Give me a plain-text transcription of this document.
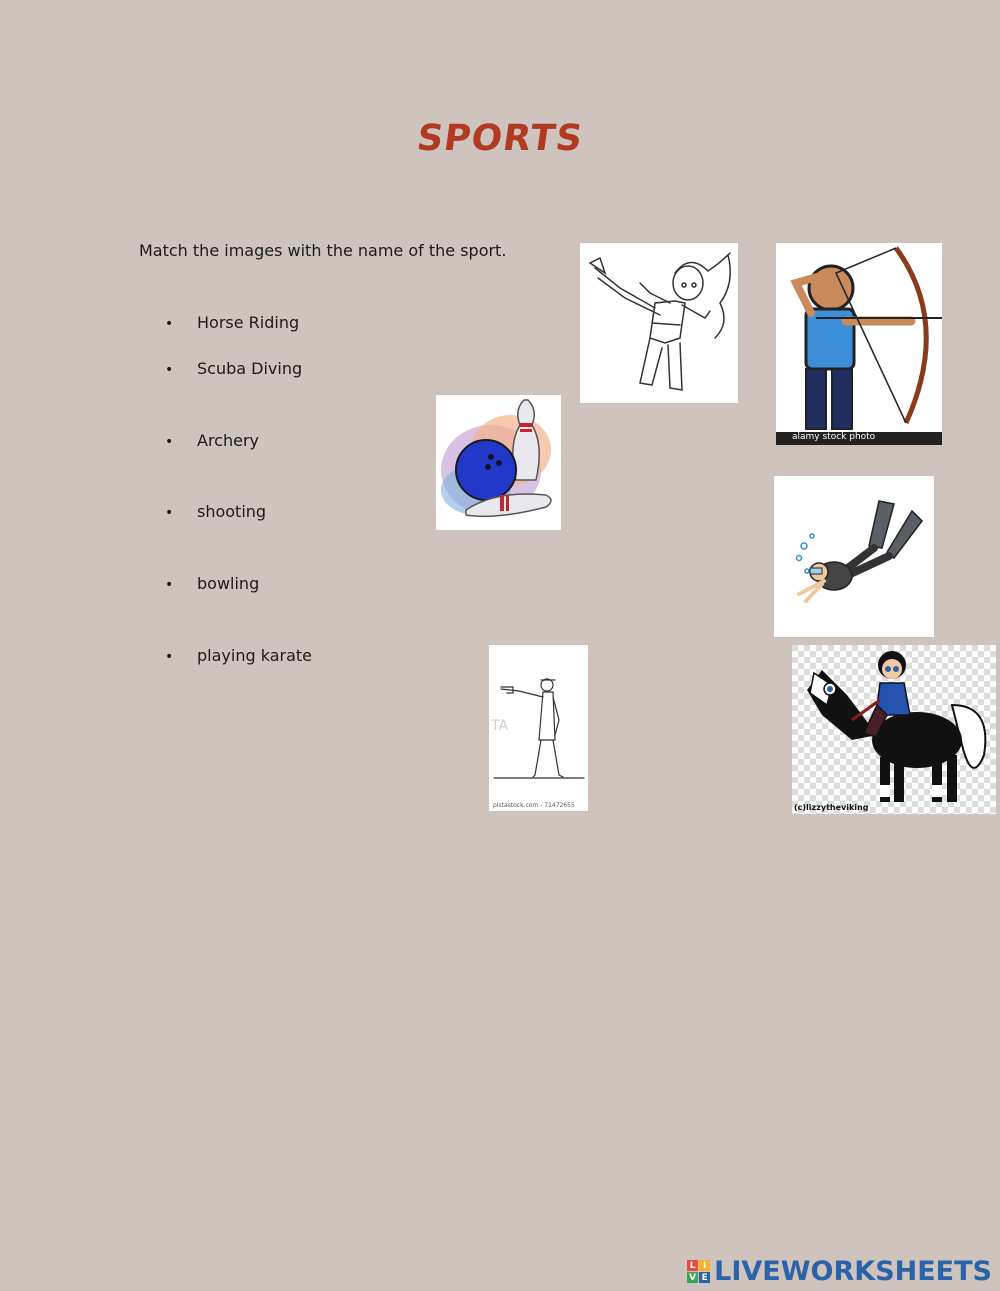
SPORTS
Match the images with the name of the sport.
• Horse Riding
• Scuba Diving
• Archery
• shooting
• bowling
• playing karate
alamy stock photo
TA
plstastock.com - 71472655	(c)lizzytheviking
L I
V E LIVEWORKSHEETS
